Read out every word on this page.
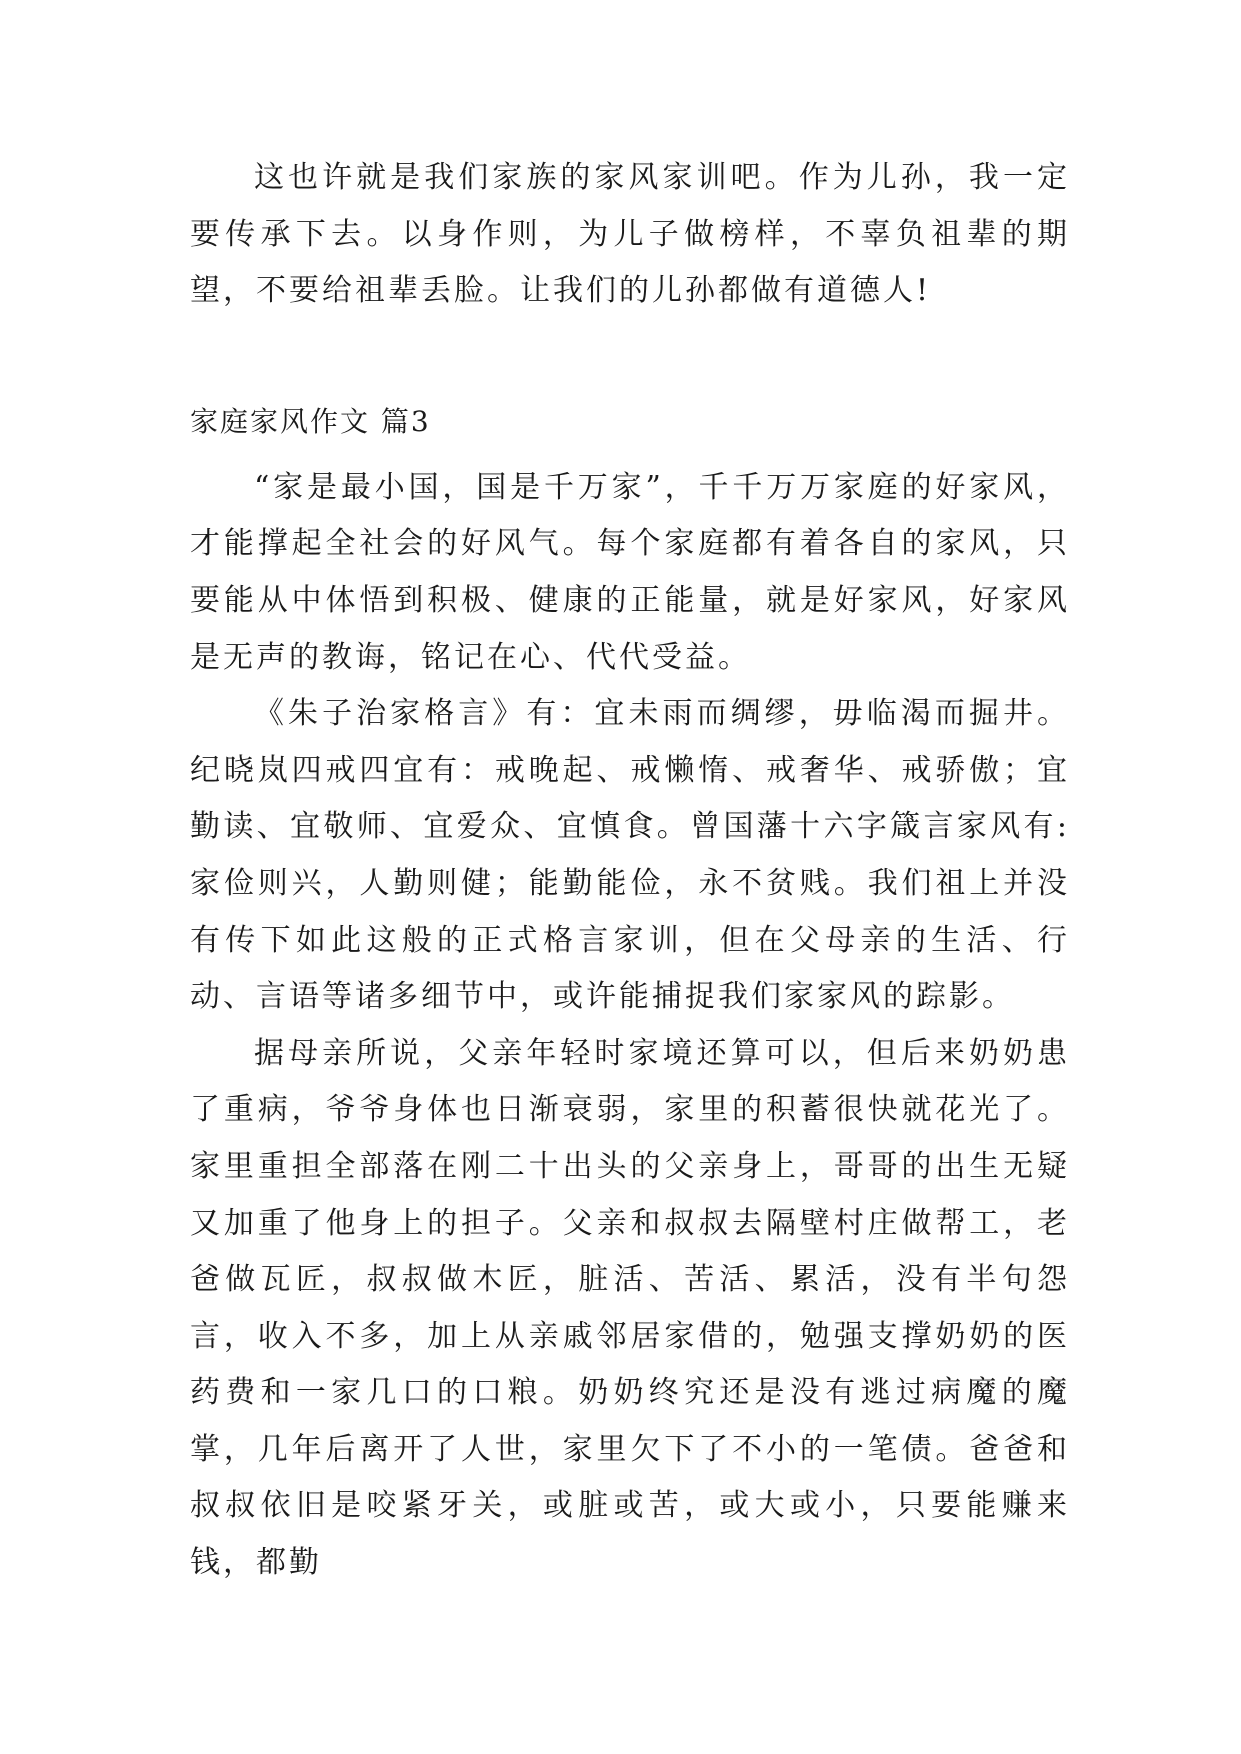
这也许就是我们家族的家风家训吧。作为儿孙，我一定要传承下去。以身作则，为儿子做榜样，不辜负祖辈的期望，不要给祖辈丢脸。让我们的儿孙都做有道德人!

家庭家风作文 篇3

“家是最小国，国是千万家”，千千万万家庭的好家风，才能撑起全社会的好风气。每个家庭都有着各自的家风，只要能从中体悟到积极、健康的正能量，就是好家风，好家风是无声的教诲，铭记在心、代代受益。

《朱子治家格言》有：宜未雨而绸缪，毋临渴而掘井。纪晓岚四戒四宜有：戒晚起、戒懒惰、戒奢华、戒骄傲；宜勤读、宜敬师、宜爱众、宜慎食。曾国藩十六字箴言家风有:家俭则兴，人勤则健；能勤能俭，永不贫贱。我们祖上并没有传下如此这般的正式格言家训，但在父母亲的生活、行动、言语等诸多细节中，或许能捕捉我们家家风的踪影。

据母亲所说，父亲年轻时家境还算可以，但后来奶奶患了重病，爷爷身体也日渐衰弱，家里的积蓄很快就花光了。家里重担全部落在刚二十出头的父亲身上，哥哥的出生无疑又加重了他身上的担子。父亲和叔叔去隔壁村庄做帮工，老爸做瓦匠，叔叔做木匠，脏活、苦活、累活，没有半句怨言，收入不多，加上从亲戚邻居家借的，勉强支撑奶奶的医药费和一家几口的口粮。奶奶终究还是没有逃过病魔的魔掌，几年后离开了人世，家里欠下了不小的一笔债。爸爸和叔叔依旧是咬紧牙关，或脏或苦，或大或小，只要能赚来钱，都勤
